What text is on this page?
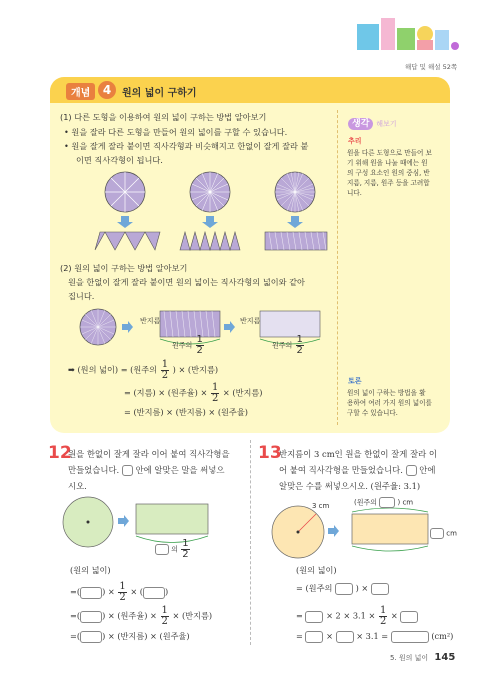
해답 및 해설 52쪽
개념	4	원의 넓이 구하기
(1) 다른 도형을 이용하여 원의 넓이 구하는 방법 알아보기
• 원을 잘라 다른 도형을 만들어 원의 넓이를 구할 수 있습니다.
• 원을 잘게 잘라 붙이면 직사각형과 비슷해지고 한없이 잘게 잘라 붙
이면 직사각형이 됩니다.
(2) 원의 넓이 구하는 방법 알아보기
원을 한없이 잘게 잘라 붙이면 원의 넓이는 직사각형의 넓이와 같아
집니다.
반지름	반지름
원주의 $\frac{1}{2}$	원주의 $\frac{1}{2}$
➡ (원의 넓이) = (원주의 $\frac{1}{2}$ ) × (반지름)
= (지름) × (원주율) × $\frac{1}{2}$ × (반지름)
= (반지름) × (반지름) × (원주율)
생각 해보기
추리
원을 다른 도형으로 만들어 보
기 위해 원을 나눌 때에는 원
의 구성 요소인 원의 중심, 반
지름, 지름, 원주 등을 고려합
니다.
토론
원의 넓이 구하는 방법을 활
용하여 여러 가지 원의 넓이를
구할 수 있습니다.
12
원을 한없이 잘게 잘라 이어 붙여 직사각형을
만들었습니다. 안에 알맞은 말을 써넣으
시오.
의 $\frac{1}{2}$
(원의 넓이)
=(	) × $\frac{1}{2}$ × (	)
=(	) × (원주율) × $\frac{1}{2}$ × (반지름)
=(	) × (반지름) × (원주율)
13
반지름이 3 cm인 원을 한없이 잘게 잘라 이
어 붙여 직사각형을 만들었습니다. 안에
알맞은 수를 써넣으시오. (원주율: 3.1)
3 cm	(원주의	) cm
cm
(원의 넓이)
= (원주의	) ×
=	× $2 \times 3.1 \times \frac{1}{2}$ ×
=	×	× 3.1 =	(cm²)
5. 원의 넓이 145
